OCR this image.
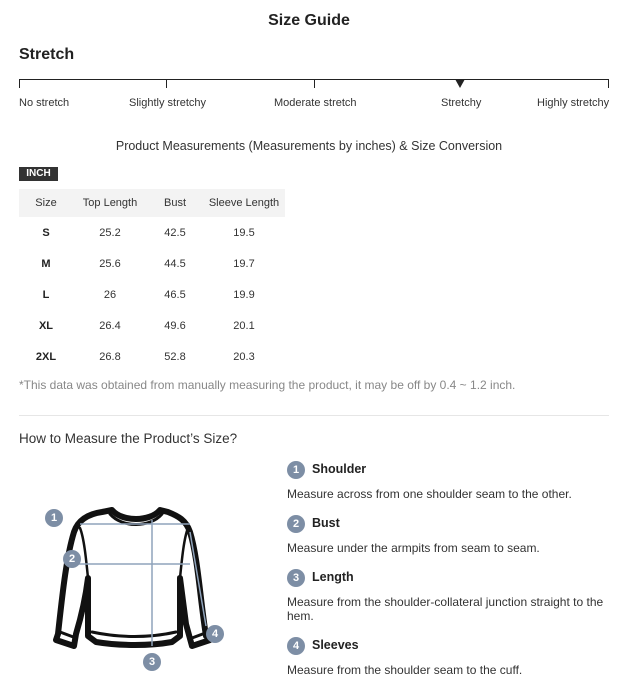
Size Guide
Stretch
No stretch	Slightly stretchy	Moderate stretch	Stretchy	Highly stretchy
Product Measurements (Measurements by inches) & Size Conversion
INCH
Size	Top Length	Bust	Sleeve Length
S	25.2	42.5	19.5
M	25.6	44.5	19.7
L	26	46.5	19.9
XL	26.4	49.6	20.1
2XL	26.8	52.8	20.3
*This data was obtained from manually measuring the product, it may be off by 0.4 ~ 1.2 inch.
How to Measure the Product’s Size?
1
2
3
4
1	Shoulder
Measure across from one shoulder seam to the other.
2	Bust
Measure under the armpits from seam to seam.
3	Length
Measure from the shoulder-collateral junction straight to the hem.
4	Sleeves
Measure from the shoulder seam to the cuff.
